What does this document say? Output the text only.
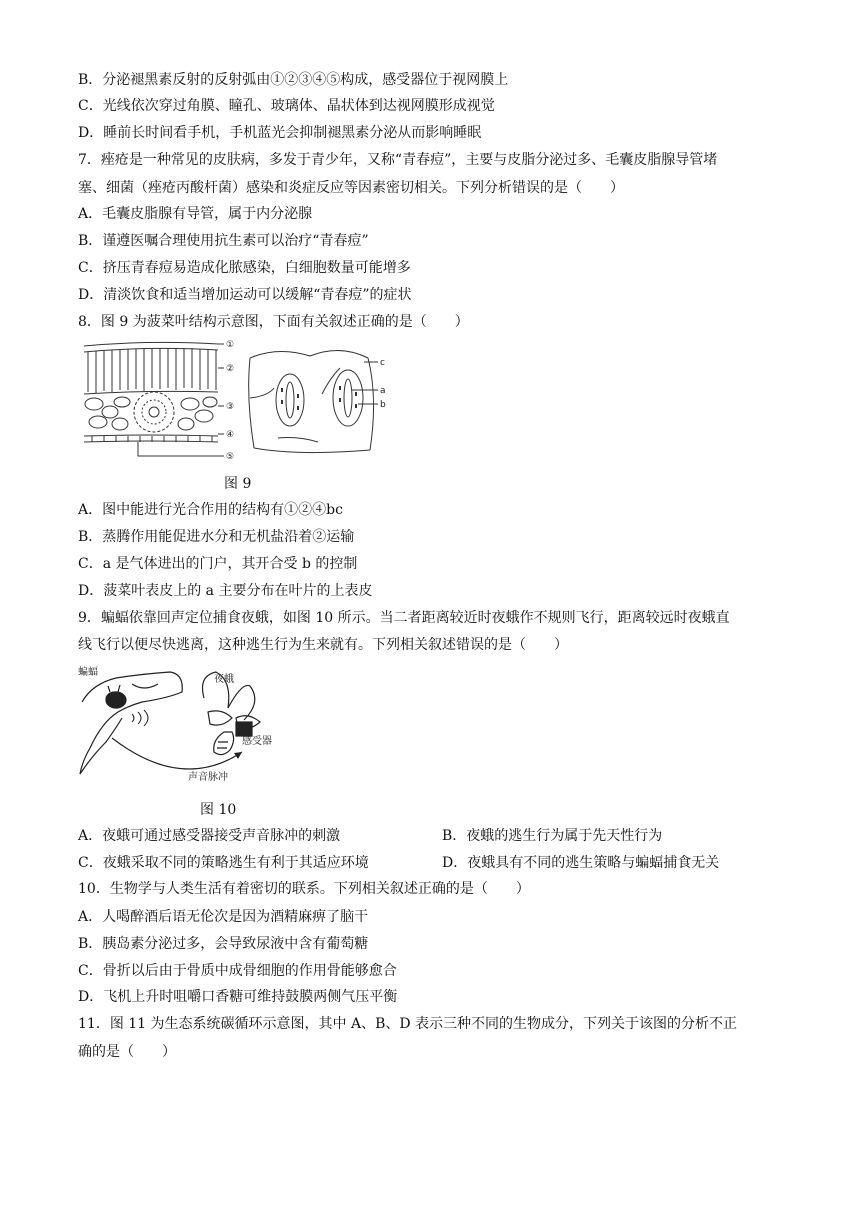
B．分泌褪黑素反射的反射弧由①②③④⑤构成，感受器位于视网膜上
C．光线依次穿过角膜、瞳孔、玻璃体、晶状体到达视网膜形成视觉
D．睡前长时间看手机，手机蓝光会抑制褪黑素分泌从而影响睡眠
7．痤疮是一种常见的皮肤病，多发于青少年，又称“青春痘”，主要与皮脂分泌过多、毛囊皮脂腺导管堵
塞、细菌（痤疮丙酸杆菌）感染和炎症反应等因素密切相关。下列分析错误的是（　　）
A．毛囊皮脂腺有导管，属于内分泌腺
B．谨遵医嘱合理使用抗生素可以治疗“青春痘”
C．挤压青春痘易造成化脓感染，白细胞数量可能增多
D．清淡饮食和适当增加运动可以缓解“青春痘”的症状
8．图 9 为菠菜叶结构示意图，下面有关叙述正确的是（　　）
①
②
③
④
⑤
c
a
b
图 9
A．图中能进行光合作用的结构有①②④bc
B．蒸腾作用能促进水分和无机盐沿着②运输
C．a 是气体进出的门户，其开合受 b 的控制
D．菠菜叶表皮上的 a 主要分布在叶片的上表皮
9．蝙蝠依靠回声定位捕食夜蛾，如图 10 所示。当二者距离较近时夜蛾作不规则飞行，距离较远时夜蛾直
线飞行以便尽快逃离，这种逃生行为生来就有。下列相关叙述错误的是（　　）
蝙蝠
夜蛾
感受器
声音脉冲
图 10
A．夜蛾可通过感受器接受声音脉冲的刺激	B．夜蛾的逃生行为属于先天性行为
C．夜蛾采取不同的策略逃生有利于其适应环境	D．夜蛾具有不同的逃生策略与蝙蝠捕食无关
10．生物学与人类生活有着密切的联系。下列相关叙述正确的是（　　）
A．人喝醉酒后语无伦次是因为酒精麻痹了脑干
B．胰岛素分泌过多，会导致尿液中含有葡萄糖
C．骨折以后由于骨质中成骨细胞的作用骨能够愈合
D．飞机上升时咀嚼口香糖可维持鼓膜两侧气压平衡
11．图 11 为生态系统碳循环示意图，其中 A、B、D 表示三种不同的生物成分，下列关于该图的分析不正
确的是（　　）
